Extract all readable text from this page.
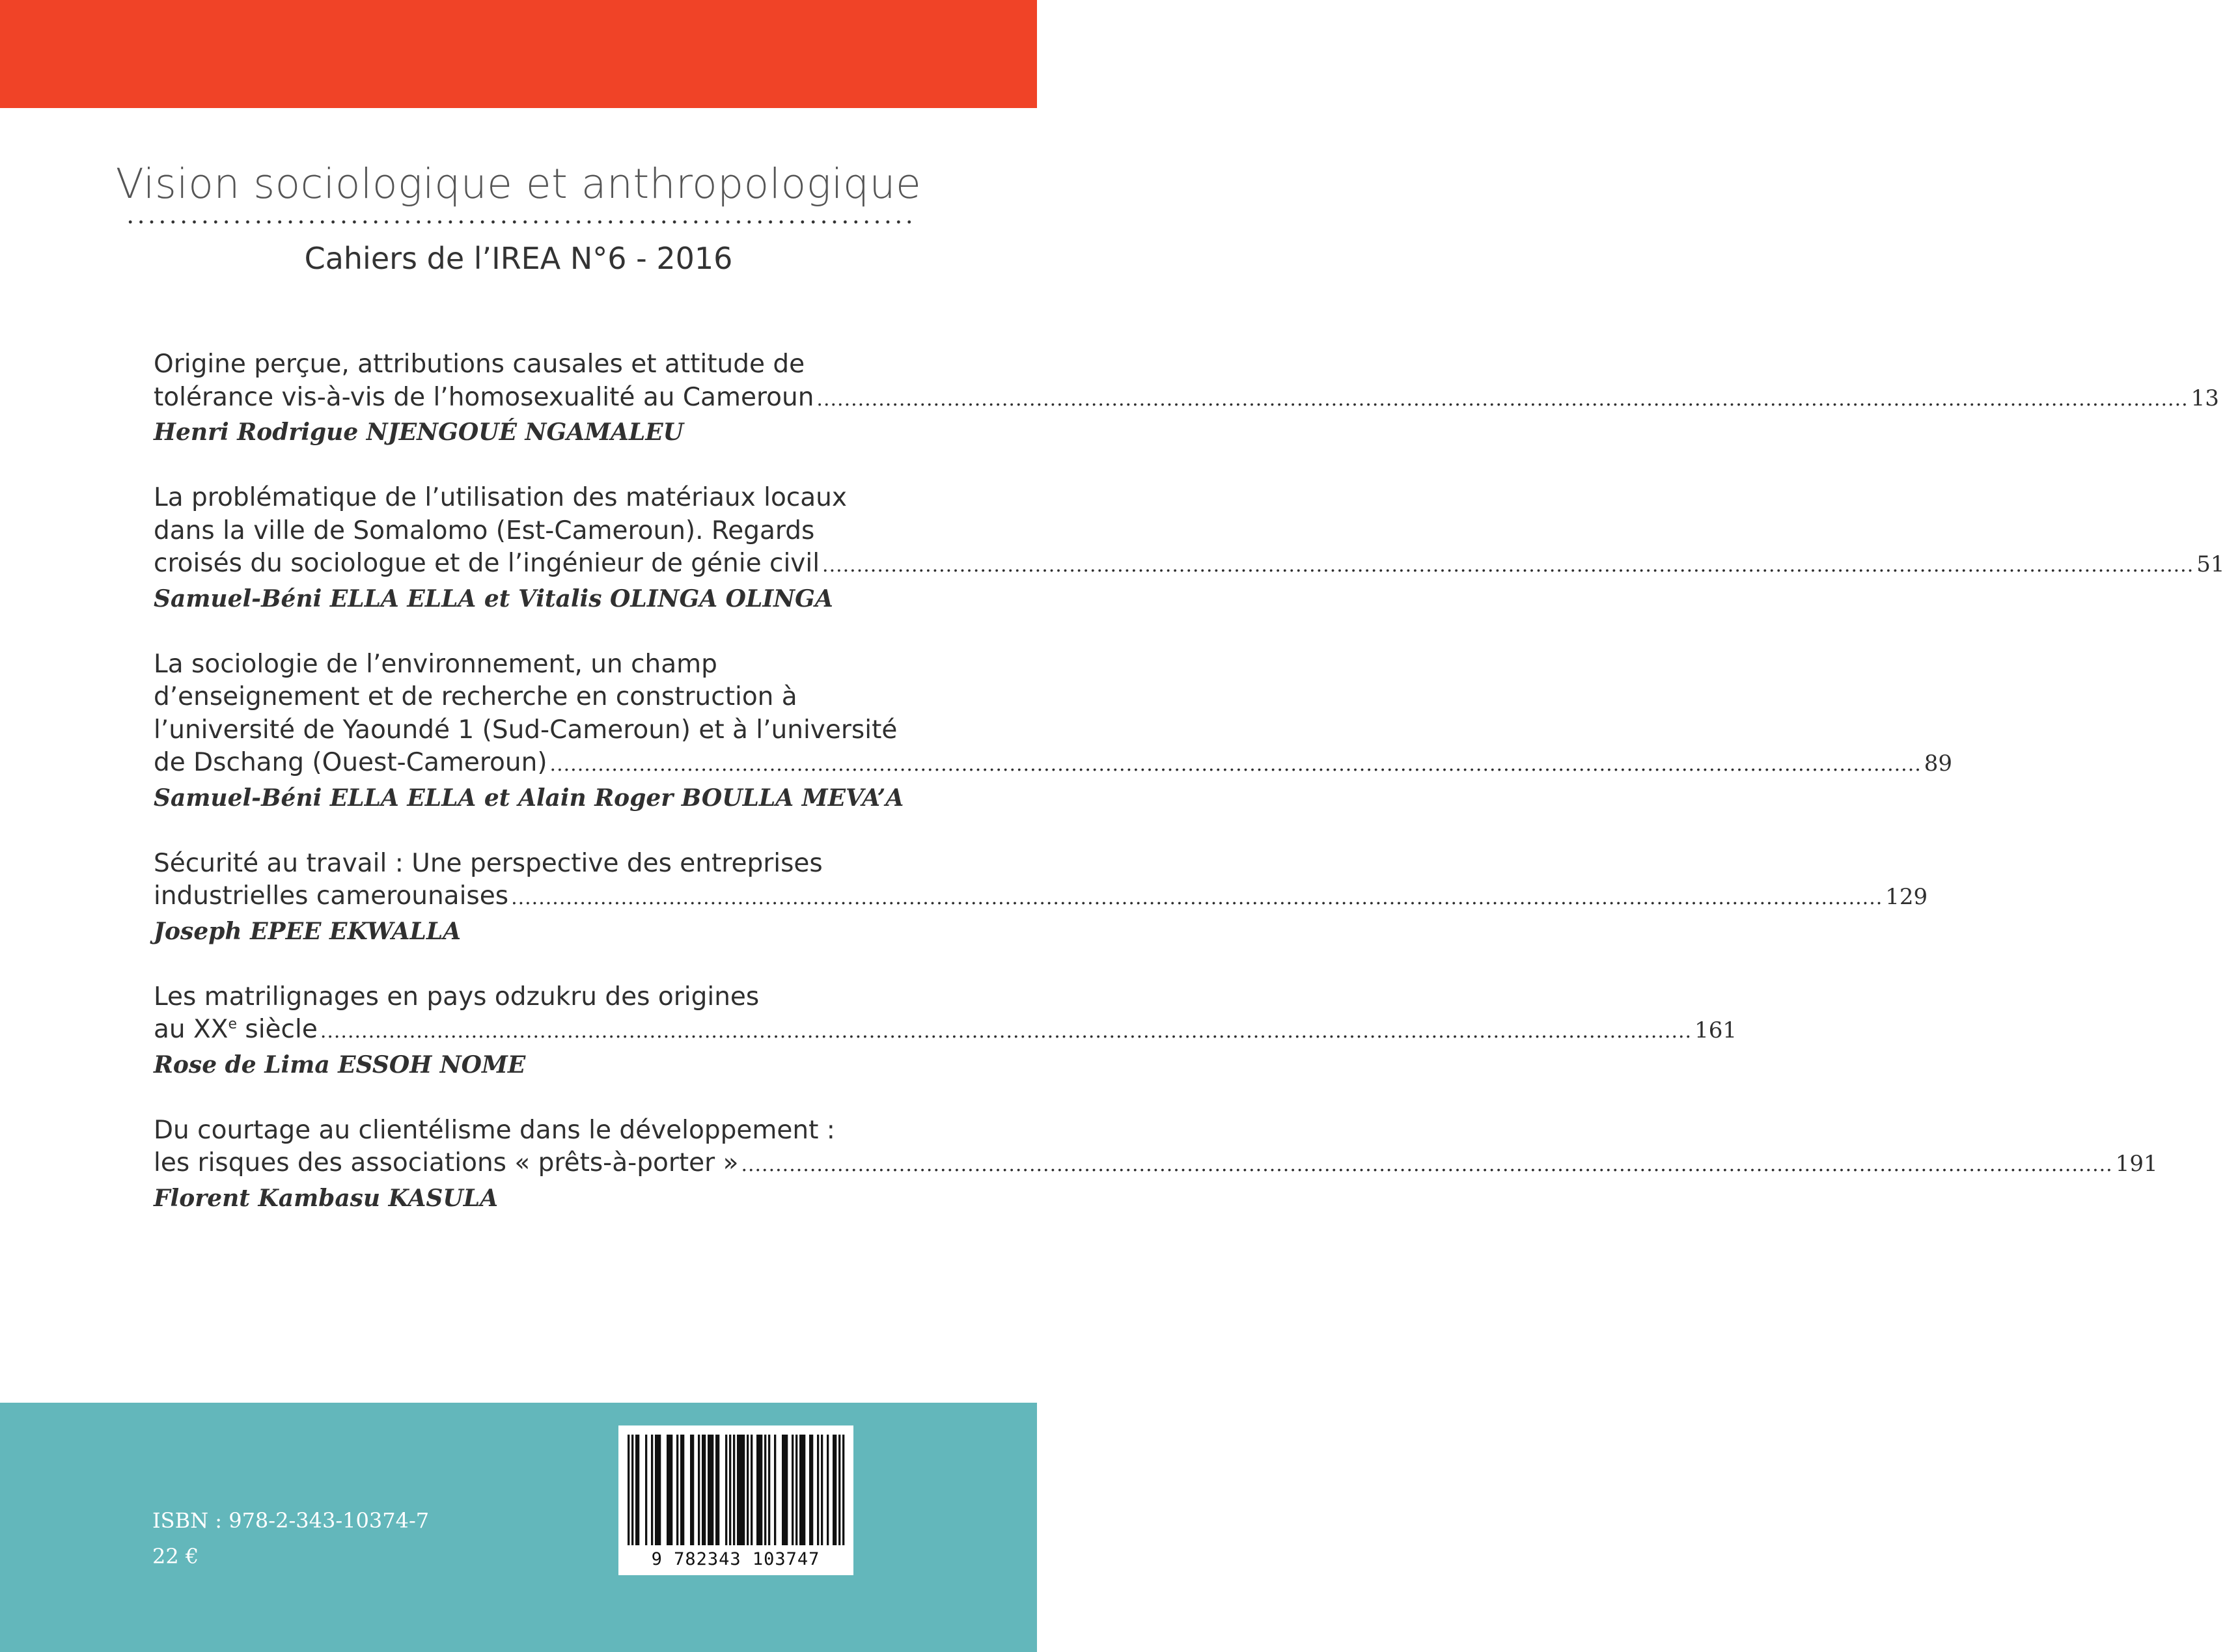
Vision sociologique et anthropologique
Cahiers de l’IREA N°6 - 2016
Origine perçue, attributions causales et attitude de
tolérance vis-à-vis de l’homosexualité au Cameroun ........................................................................................................................................................................................................ 13
Henri Rodrigue NJENGOUÉ NGAMALEU
La problématique de l’utilisation des matériaux locaux
dans la ville de Somalomo (Est-Cameroun). Regards
croisés du sociologue et de l’ingénieur de génie civil ........................................................................................................................................................................................................ 51
Samuel-Béni ELLA ELLA et Vitalis OLINGA OLINGA
La sociologie de l’environnement, un champ
d’enseignement et de recherche en construction à
l’université de Yaoundé 1 (Sud-Cameroun) et à l’université
de Dschang (Ouest-Cameroun) ........................................................................................................................................................................................................ 89
Samuel-Béni ELLA ELLA et Alain Roger BOULLA MEVA’A
Sécurité au travail : Une perspective des entreprises
industrielles camerounaises ........................................................................................................................................................................................................ 129
Joseph EPEE EKWALLA
Les matrilignages en pays odzukru des origines
au XXe siècle ........................................................................................................................................................................................................ 161
Rose de Lima ESSOH NOME
Du courtage au clientélisme dans le développement :
les risques des associations « prêts-à-porter » ........................................................................................................................................................................................................ 191
Florent Kambasu KASULA
ISBN : 978-2-343-10374-7
22 €	9 782343 103747
